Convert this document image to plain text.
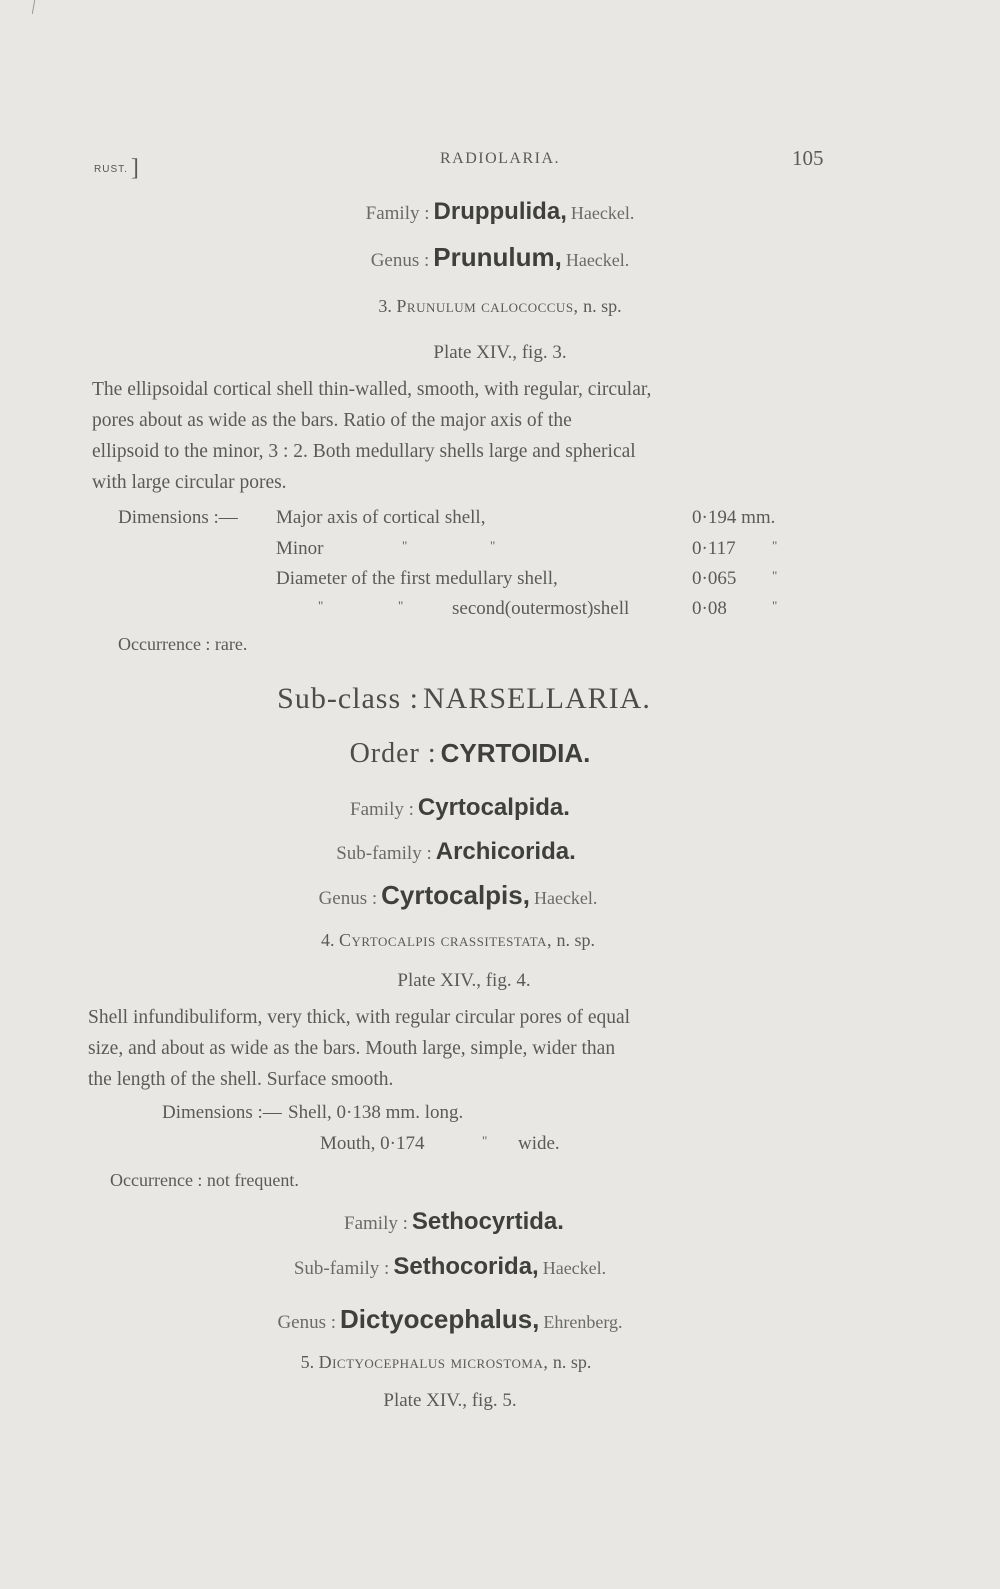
RUST. ]	RADIOLARIA.	105
Family : Druppulida, Haeckel.
Genus : Prunulum, Haeckel.
3. Prunulum calococcus, n. sp.
Plate XIV., fig. 3.
The ellipsoidal cortical shell thin-walled, smooth, with regular, circular,
pores about as wide as the bars. Ratio of the major axis of the
ellipsoid to the minor, 3 : 2. Both medullary shells large and spherical
with large circular pores.
Dimensions :— Major axis of cortical shell,	0·194 mm.
Minor	"	"	0·117	"
Diameter of the first medullary shell,	0·065	"
"	"	second(outermost)shell	0·08	"
Occurrence : rare.
Sub-class : NARSELLARIA.
Order : CYRTOIDIA.
Family : Cyrtocalpida.
Sub-family : Archicorida.
Genus : Cyrtocalpis, Haeckel.
4. Cyrtocalpis crassitestata, n. sp.
Plate XIV., fig. 4.
Shell infundibuliform, very thick, with regular circular pores of equal
size, and about as wide as the bars. Mouth large, simple, wider than
the length of the shell. Surface smooth.
Dimensions :— Shell, 0·138 mm. long.
Mouth, 0·174	" wide.
Occurrence : not frequent.
Family : Sethocyrtida.
Sub-family : Sethocorida, Haeckel.
Genus : Dictyocephalus, Ehrenberg.
5. Dictyocephalus microstoma, n. sp.
Plate XIV., fig. 5.
